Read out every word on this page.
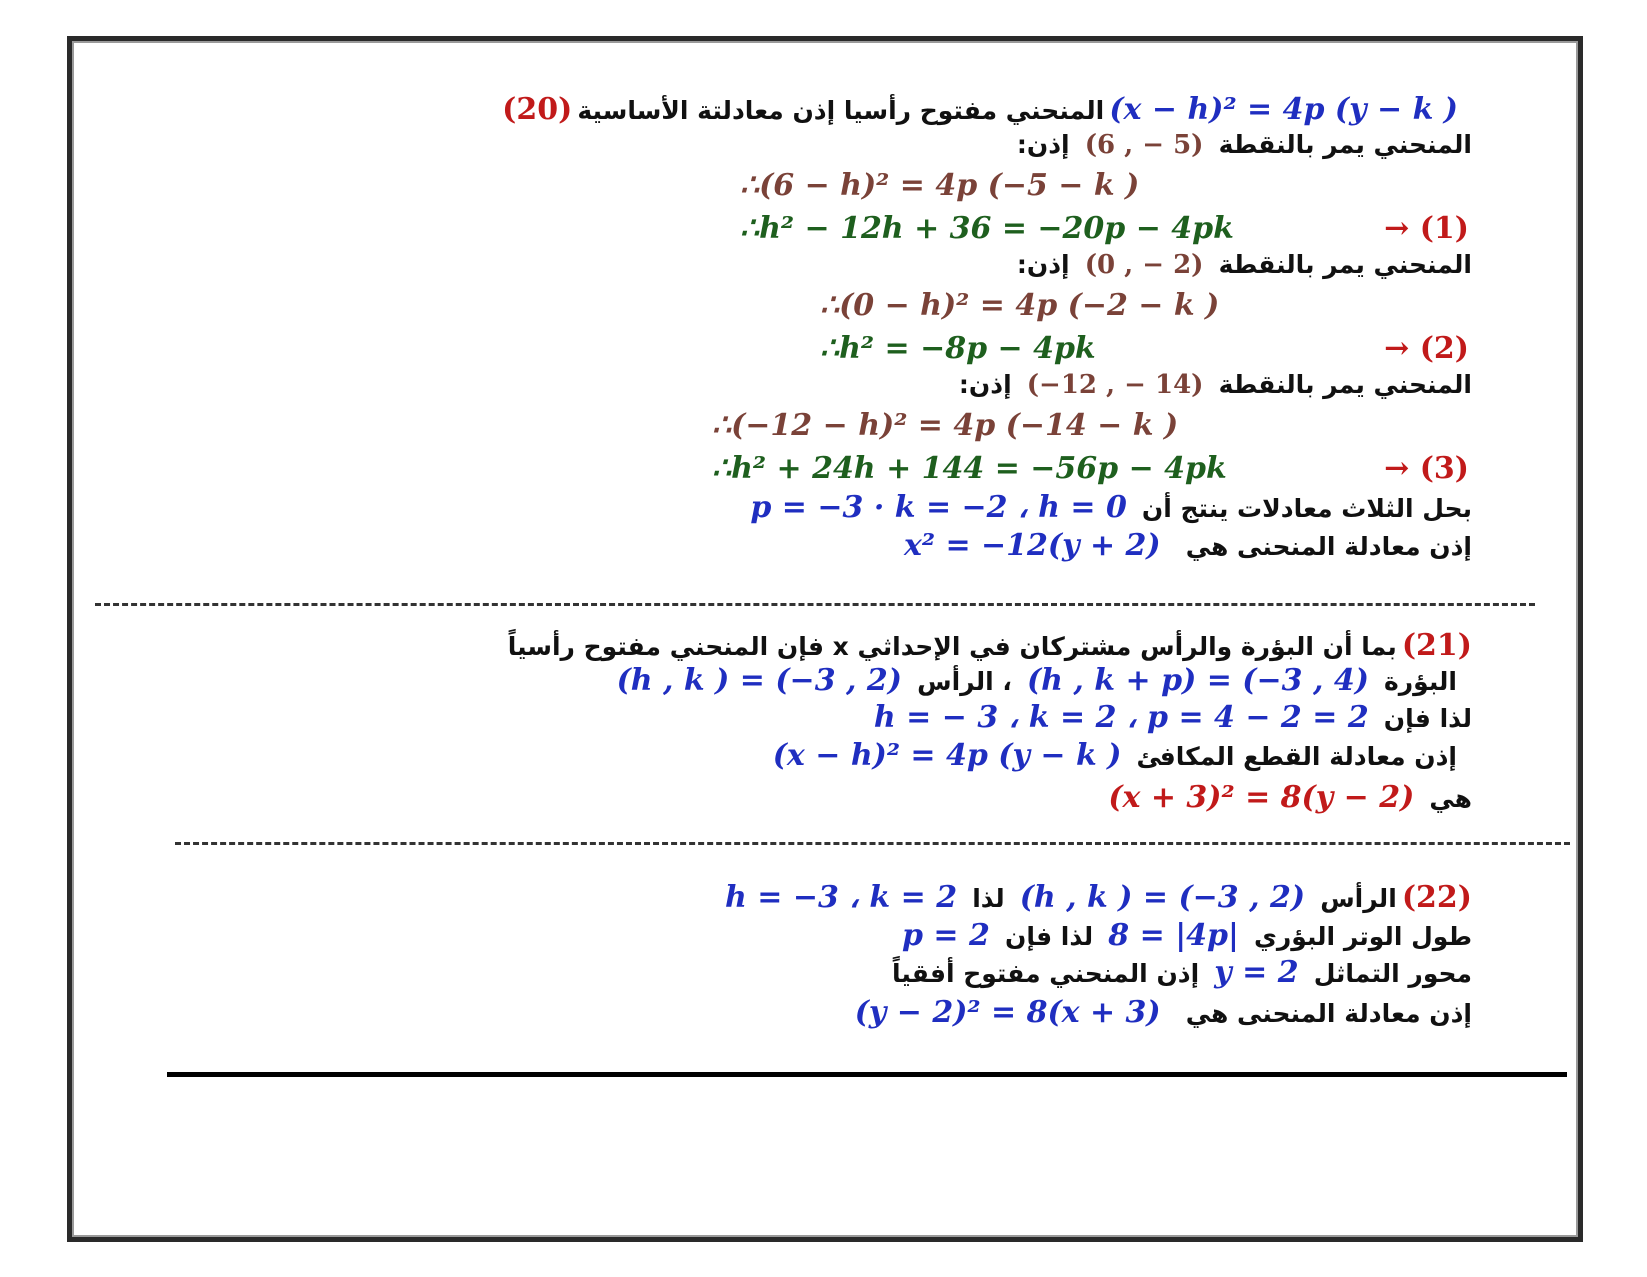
(20) المنحني مفتوح رأسيا إذن معادلتة الأساسية (x − h)² = 4p (y − k )
المنحني يمر بالنقطة (6 , − 5) إذن:
∴(6 − h)² = 4p (−5 − k )
∴h² − 12h + 36 = −20p − 4pk	→ (1)
المنحني يمر بالنقطة (0 , − 2) إذن:
∴(0 − h)² = 4p (−2 − k )
∴h² = −8p − 4pk	→ (2)
المنحني يمر بالنقطة (−12 , − 14) إذن:
∴(−12 − h)² = 4p (−14 − k )
∴h² + 24h + 144 = −56p − 4pk	→ (3)
بحل الثلاث معادلات ينتج أن p = −3 · k = −2 ، h = 0
إذن معادلة المنحنى هي x² = −12(y + 2)
(21) بما أن البؤرة والرأس مشتركان في الإحداثي x فإن المنحني مفتوح رأسياً
البؤرة (h , k + p) = (−3 , 4) ، الرأس (h , k ) = (−3 , 2)
لذا فإن h = − 3 ، k = 2 ، p = 4 − 2 = 2
إذن معادلة القطع المكافئ (x − h)² = 4p (y − k )
هي (x + 3)² = 8(y − 2)
(22) الرأس (h , k ) = (−3 , 2) لذا h = −3 ، k = 2
طول الوتر البؤري 8 = |4p| لذا فإن p = 2
محور التماثل y = 2 إذن المنحني مفتوح أفقياً
إذن معادلة المنحنى هي (y − 2)² = 8(x + 3)
